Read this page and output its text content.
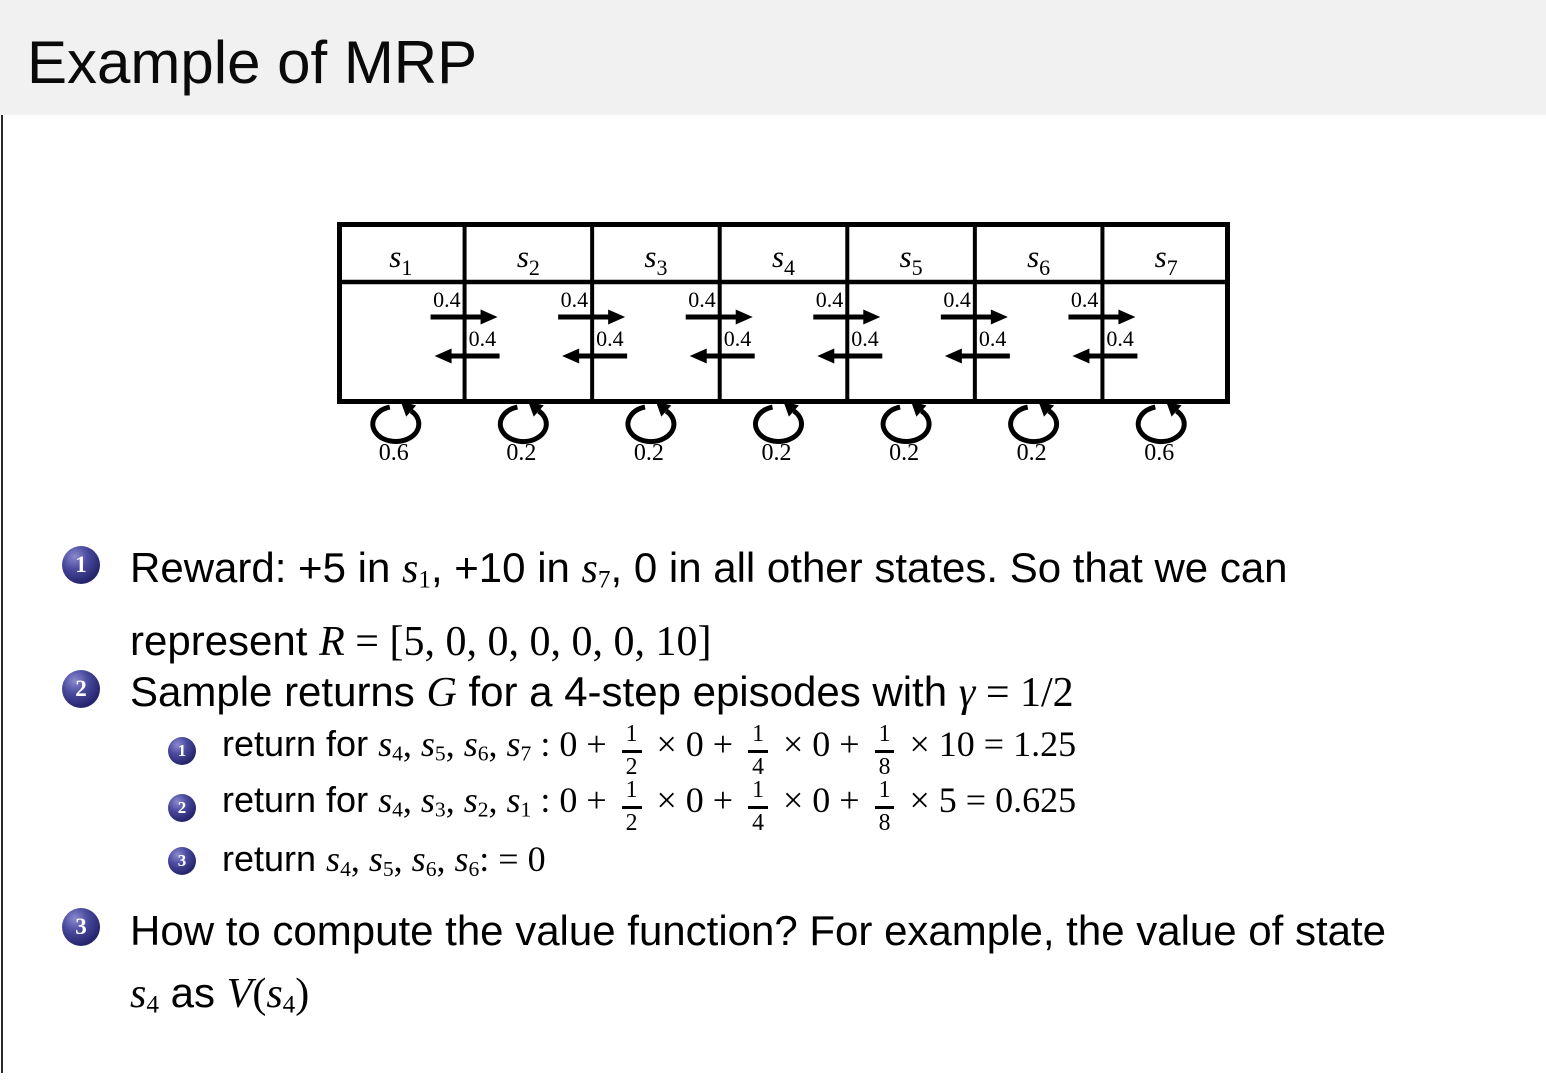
Example of MRP
$s_1$	$s_2$	$s_3$	$s_4$	$s_5$	$s_6$	$s_7$
0.4
0.4
0.4
0.4
0.4
0.4
0.4
0.4
0.4
0.4
0.4
0.4
0.6	0.2	0.2	0.2	0.2	0.2	0.6
1	Reward: +5 in s1, +10 in s7, 0 in all other states. So that we can
represent R = [5, 0, 0, 0, 0, 0, 10]
2	Sample returns G for a 4-step episodes with γ = 1/2
1 return for s4, s5, s6, s7 : $0 + \frac{1}{2} \times 0 + \frac{1}{4} \times 0 + \frac{1}{8} \times 10 = 1.25$
2 return for s4, s3, s2, s1 : $0 + \frac{1}{2} \times 0 + \frac{1}{4} \times 0 + \frac{1}{8} \times 5 = 0.625$
3 return s4, s5, s6, s6: = 0
3	How to compute the value function? For example, the value of state
s4 as V(s4)
